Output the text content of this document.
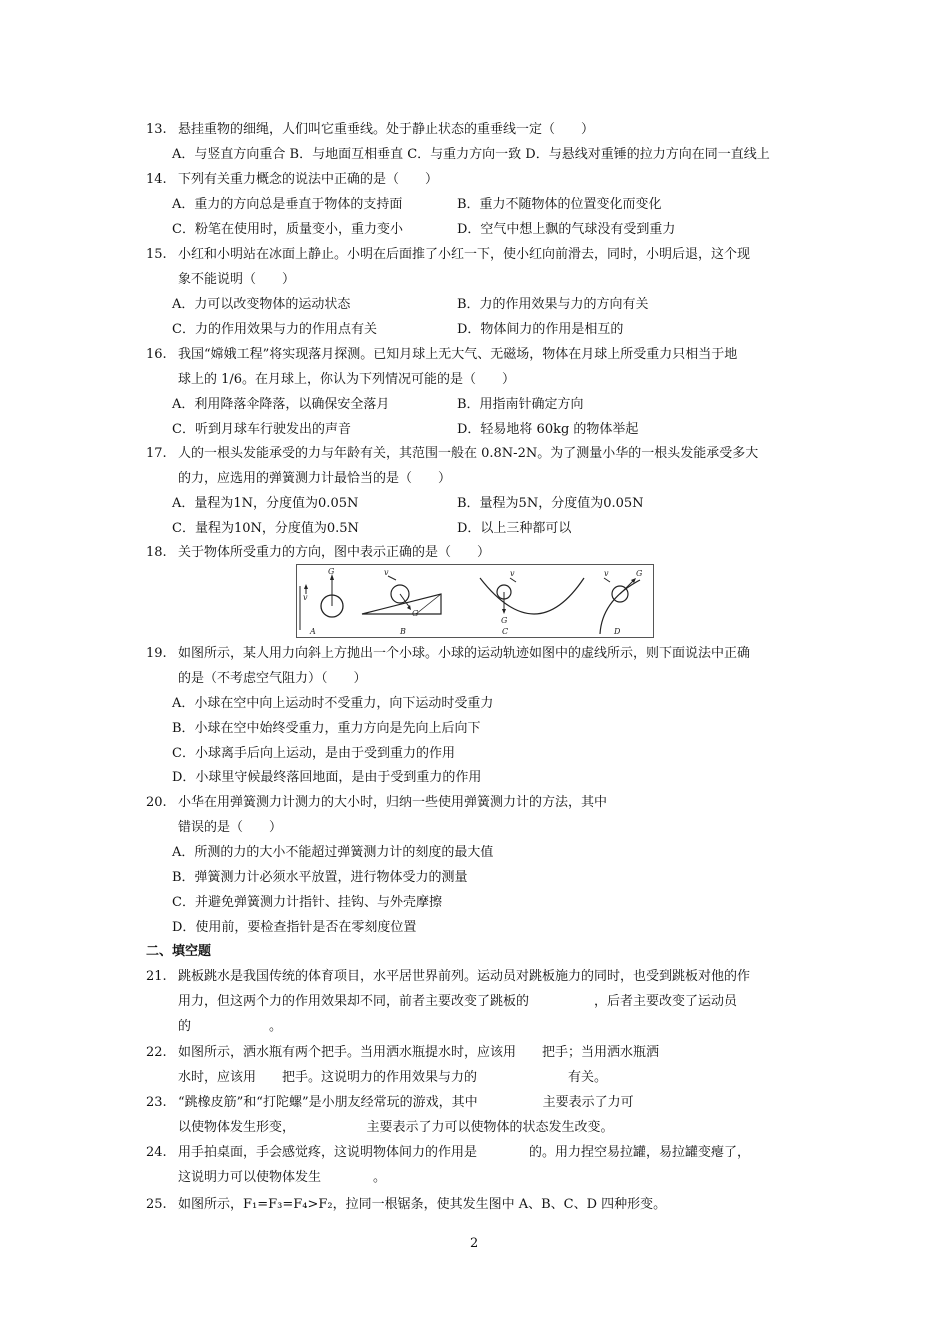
13. 悬挂重物的细绳，人们叫它重垂线。处于静止状态的重垂线一定（　　）
A．与竖直方向重合 B．与地面互相垂直 C．与重力方向一致 D．与悬线对重锤的拉力方向在同一直线上
14. 下列有关重力概念的说法中正确的是（　　）
A．重力的方向总是垂直于物体的支持面	B．重力不随物体的位置变化而变化
C．粉笔在使用时，质量变小，重力变小	D．空气中想上飘的气球没有受到重力
15. 小红和小明站在冰面上静止。小明在后面推了小红一下，使小红向前滑去，同时，小明后退，这个现
象不能说明（　　）
A．力可以改变物体的运动状态	B．力的作用效果与力的方向有关
C．力的作用效果与力的作用点有关	D．物体间力的作用是相互的
16. 我国“嫦娥工程”将实现落月探测。已知月球上无大气、无磁场，物体在月球上所受重力只相当于地
球上的 1/6。在月球上，你认为下列情况可能的是（　　）
A．利用降落伞降落，以确保安全落月	B．用指南针确定方向
C．听到月球车行驶发出的声音	D．轻易地将 60kg 的物体举起
17. 人的一根头发能承受的力与年龄有关，其范围一般在 0.8N-2N。为了测量小华的一根头发能承受多大
的力，应选用的弹簧测力计最恰当的是（　　）
A．量程为1N，分度值为0.05N	B．量程为5N，分度值为0.05N
C．量程为10N，分度值为0.5N	D．以上三种都可以
18. 关于物体所受重力的方向，图中表示正确的是（　　）
19. 如图所示，某人用力向斜上方抛出一个小球。小球的运动轨迹如图中的虚线所示，则下面说法中正确
的是（不考虑空气阻力）（　　）
A．小球在空中向上运动时不受重力，向下运动时受重力
B．小球在空中始终受重力，重力方向是先向上后向下
C．小球离手后向上运动，是由于受到重力的作用
D．小球里守候最终落回地面，是由于受到重力的作用
20. 小华在用弹簧测力计测力的大小时，归纳一些使用弹簧测力计的方法，其中
错误的是（　　）
A．所测的力的大小不能超过弹簧测力计的刻度的最大值
B．弹簧测力计必须水平放置，进行物体受力的测量
C．并避免弹簧测力计指针、挂钩、与外壳摩擦
D．使用前，要检查指针是否在零刻度位置
二、填空题
21. 跳板跳水是我国传统的体育项目，水平居世界前列。运动员对跳板施力的同时，也受到跳板对他的作
用力，但这两个力的作用效果却不同，前者主要改变了跳板的　　　　　，后者主要改变了运动员
的　　　　　　。
22. 如图所示，洒水瓶有两个把手。当用洒水瓶提水时，应该用　　把手；当用洒水瓶洒
水时，应该用　　把手。这说明力的作用效果与力的　　　　　　　有关。
23. “跳橡皮筋”和“打陀螺”是小朋友经常玩的游戏，其中　　　　　主要表示了力可
以使物体发生形变，　　　　　　主要表示了力可以使物体的状态发生改变。
24. 用手拍桌面，手会感觉疼，这说明物体间力的作用是　　　　的。用力捏空易拉罐，易拉罐变瘪了，
这说明力可以使物体发生　　　　。
25. 如图所示，F₁=F₃=F₄>F₂，拉同一根锯条，使其发生图中 A、B、C、D 四种形变。
v
G
A
G
v
B
G
v
C
G
v
D
2
